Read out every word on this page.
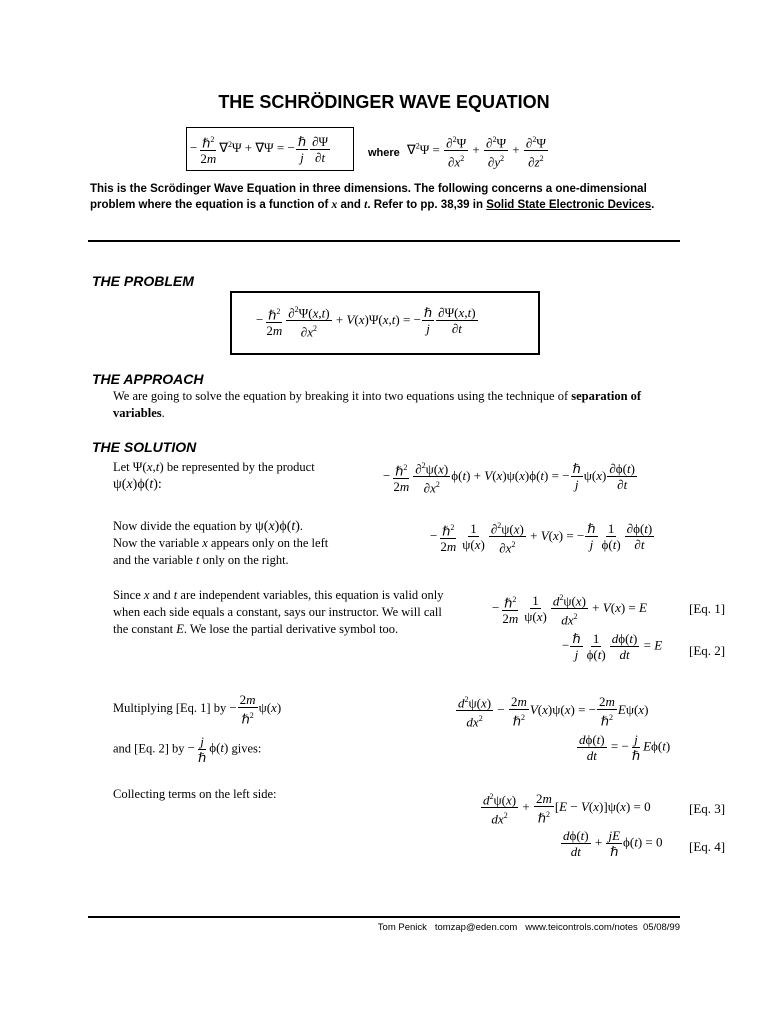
THE SCHRÖDINGER WAVE EQUATION
− $\frac{\hbar^2}{2m} \nabla^2\Psi + \nabla\Psi$ = − $\frac{\text{ℏ}}{j} \frac{\partial\Psi}{\partial t}$	where $\nabla^2\Psi = \frac{\partial^2\Psi}{\partial x^2} + \frac{\partial^2\Psi}{\partial y^2} + \frac{\partial^2\Psi}{\partial z^2}$
This is the Scrödinger Wave Equation in three dimensions. The following concerns a one-dimensional problem where the equation is a function of x and t. Refer to pp. 38,39 in Solid State Electronic Devices.
THE PROBLEM
− $\frac{\hbar^2}{2m} \frac{\partial^2\Psi(x,t)}{\partial x^2} + V(x)\Psi(x,t)$ = − $\frac{\text{ℏ}}{j} \frac{\partial\Psi(x,t)}{\partial t}$
THE APPROACH
We are going to solve the equation by breaking it into two equations using the technique of separation of variables.
THE SOLUTION
Let Ψ(x,t) be represented by the product
ψ(x)ϕ(t):
− $\frac{\hbar^2}{2m} \frac{\partial^2\psi(x)}{\partial x^2} \phi(t) + V(x)\psi(x)\phi(t)$ = − $\frac{\text{ℏ}}{j} \psi(x) \frac{\partial\phi(t)}{\partial t}$
Now divide the equation by ψ(x)ϕ(t).
Now the variable x appears only on the left
and the variable t only on the right.
− $\frac{\hbar^2}{2m} \frac{1}{\psi(x)} \frac{\partial^2\psi(x)}{\partial x^2} + V(x)$ = − $\frac{\text{ℏ}}{j} \frac{1}{\phi(t)} \frac{\partial\phi(t)}{\partial t}$
Since x and t are independent variables, this equation is valid only when each side equals a constant, says our instructor. We will call the constant E. We lose the partial derivative symbol too.
− $\frac{\hbar^2}{2m} \frac{1}{\psi(x)} \frac{d^2\psi(x)}{dx^2} + V(x) = E$	[Eq. 1]
− $\frac{\text{ℏ}}{j} \frac{1}{\phi(t)} \frac{d\phi(t)}{dt} = E$ [Eq. 2]
Multiplying [Eq. 1] by − $\frac{2m}{\hbar^2} \psi(x)$	$\frac{d^2\psi(x)}{dx^2} - \frac{2m}{\hbar^2} V(x)\psi(x)$ = − $\frac{2m}{\hbar^2} E\psi(x)$
and [Eq. 2] by − $\frac{j}{\text{ℏ}} \phi(t)$ gives:	$\frac{d\phi(t)}{dt}$ = − $\frac{j}{\text{ℏ}} E\phi(t)$
Collecting terms on the left side:	$\frac{d^2\psi(x)}{dx^2} + \frac{2m}{\hbar^2} [E - V(x)]\psi(x) = 0$	[Eq. 3]
$\frac{d\phi(t)}{dt} + \frac{jE}{\text{ℏ}} \phi(t) = 0$ [Eq. 4]
Tom Penick tomzap@eden.com www.teicontrols.com/notes 05/08/99
